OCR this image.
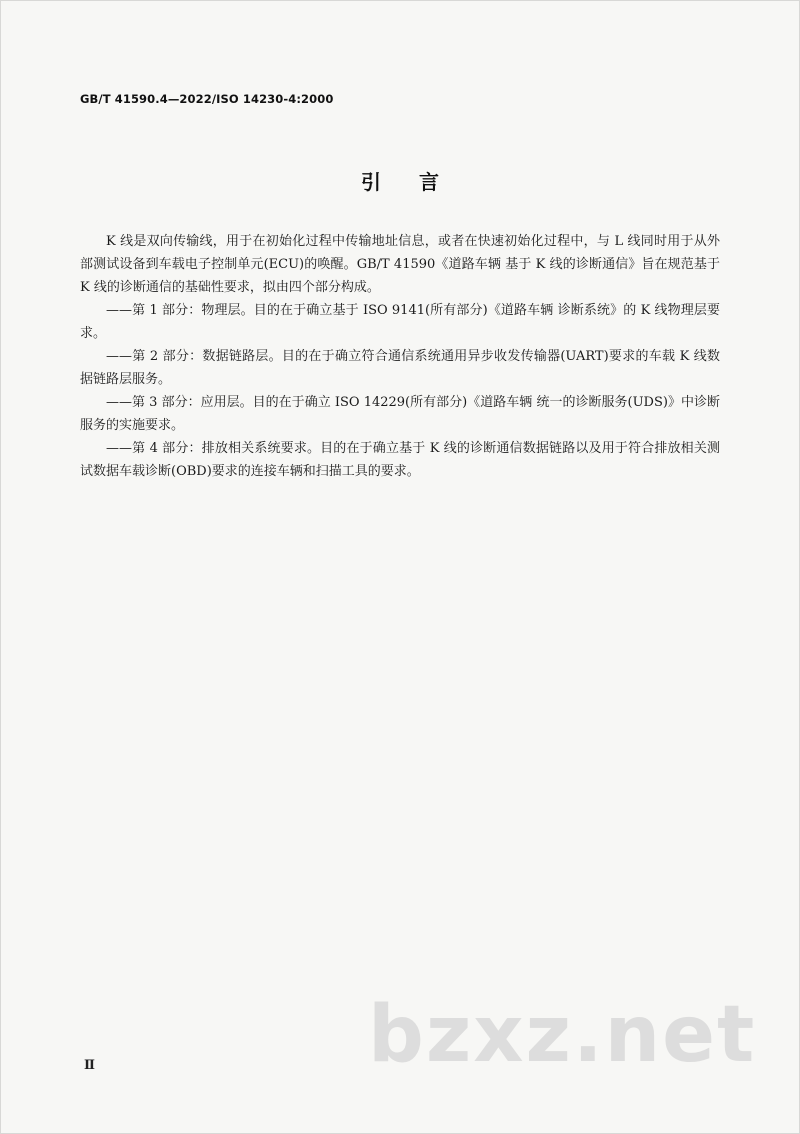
GB/T 41590.4—2022/ISO 14230-4:2000
引言

K 线是双向传输线，用于在初始化过程中传输地址信息，或者在快速初始化过程中，与 L 线同时用于从外部测试设备到车载电子控制单元(ECU)的唤醒。GB/T 41590《道路车辆 基于 K 线的诊断通信》旨在规范基于 K 线的诊断通信的基础性要求，拟由四个部分构成。

——第 1 部分：物理层。目的在于确立基于 ISO 9141(所有部分)《道路车辆 诊断系统》的 K 线物理层要求。

——第 2 部分：数据链路层。目的在于确立符合通信系统通用异步收发传输器(UART)要求的车载 K 线数据链路层服务。

——第 3 部分：应用层。目的在于确立 ISO 14229(所有部分)《道路车辆 统一的诊断服务(UDS)》中诊断服务的实施要求。

——第 4 部分：排放相关系统要求。目的在于确立基于 K 线的诊断通信数据链路以及用于符合排放相关测试数据车载诊断(OBD)要求的连接车辆和扫描工具的要求。

bzxz.net
Ⅱ
